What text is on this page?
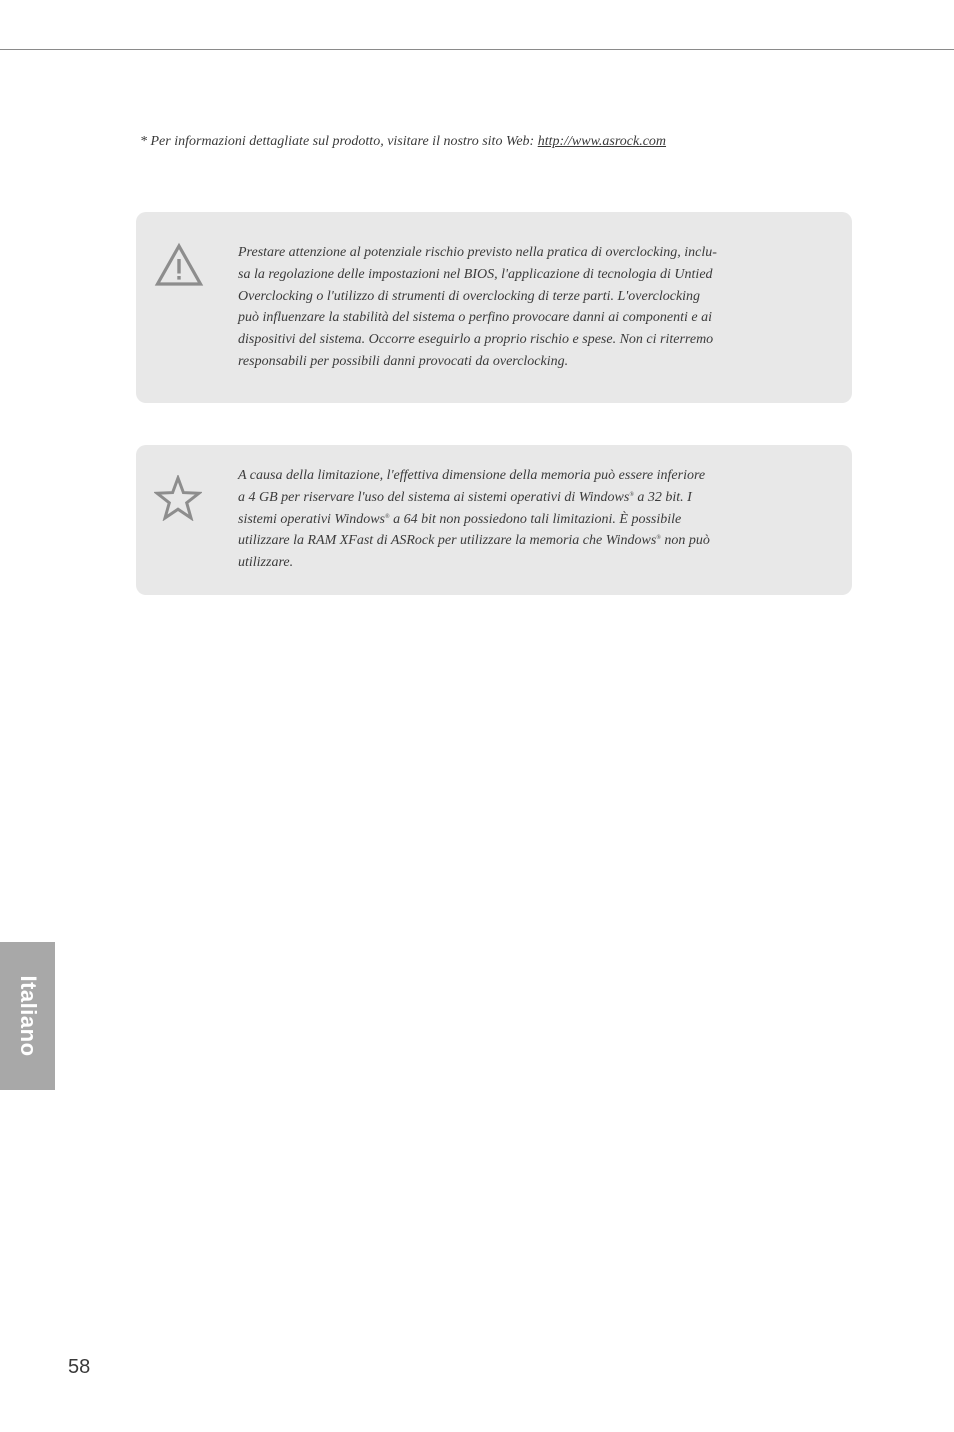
* Per informazioni dettagliate sul prodotto, visitare il nostro sito Web: http://www.asrock.com

Prestare attenzione al potenziale rischio previsto nella pratica di overclocking, inclu-

sa la regolazione delle impostazioni nel BIOS, l'applicazione di tecnologia di Untied

Overclocking o l'utilizzo di strumenti di overclocking di terze parti. L'overclocking

può influenzare la stabilità del sistema o perfino provocare danni ai componenti e ai

dispositivi del sistema. Occorre eseguirlo a proprio rischio e spese. Non ci riterremo

responsabili per possibili danni provocati da overclocking.

A causa della limitazione, l'effettiva dimensione della memoria può essere inferiore

a 4 GB per riservare l'uso del sistema ai sistemi operativi di Windows® a 32 bit. I

sistemi operativi Windows® a 64 bit non possiedono tali limitazioni. È possibile

utilizzare la RAM XFast di ASRock per utilizzare la memoria che Windows® non può

utilizzare.

Italiano
58
